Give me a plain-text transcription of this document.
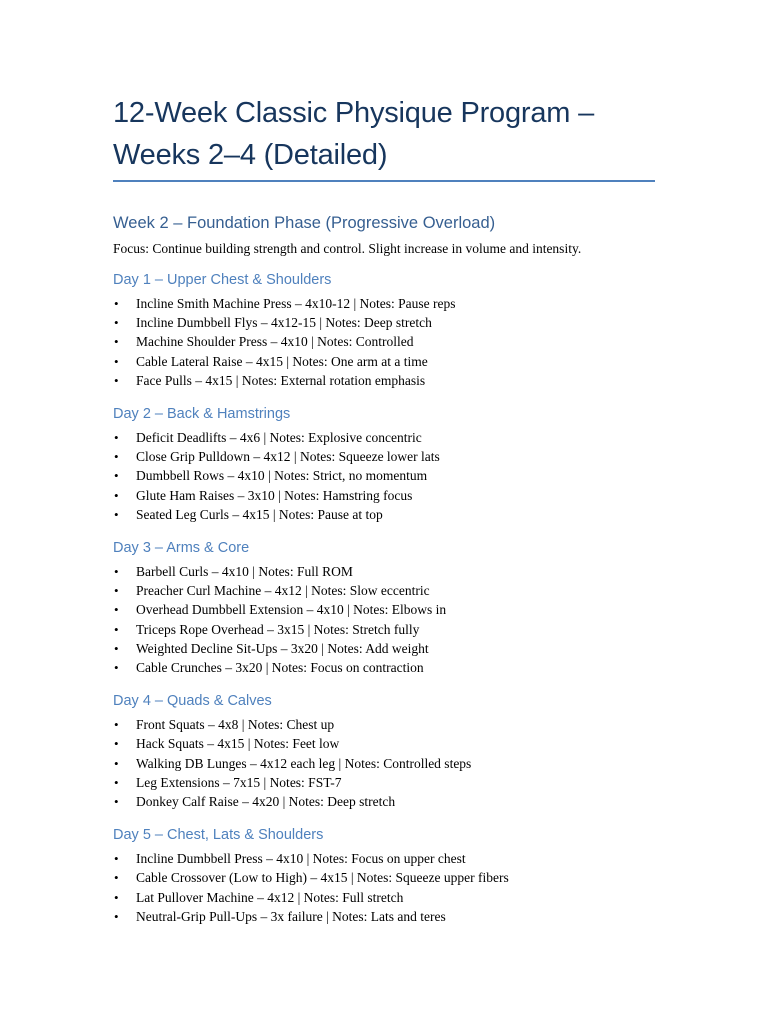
12-Week Classic Physique Program –
Weeks 2–4 (Detailed)
Week 2 – Foundation Phase (Progressive Overload)

Focus: Continue building strength and control. Slight increase in volume and intensity.

Day 1 – Upper Chest & Shoulders
• Incline Smith Machine Press – 4x10-12 | Notes: Pause reps
• Incline Dumbbell Flys – 4x12-15 | Notes: Deep stretch
• Machine Shoulder Press – 4x10 | Notes: Controlled
• Cable Lateral Raise – 4x15 | Notes: One arm at a time
• Face Pulls – 4x15 | Notes: External rotation emphasis
Day 2 – Back & Hamstrings
• Deficit Deadlifts – 4x6 | Notes: Explosive concentric
• Close Grip Pulldown – 4x12 | Notes: Squeeze lower lats
• Dumbbell Rows – 4x10 | Notes: Strict, no momentum
• Glute Ham Raises – 3x10 | Notes: Hamstring focus
• Seated Leg Curls – 4x15 | Notes: Pause at top
Day 3 – Arms & Core
• Barbell Curls – 4x10 | Notes: Full ROM
• Preacher Curl Machine – 4x12 | Notes: Slow eccentric
• Overhead Dumbbell Extension – 4x10 | Notes: Elbows in
• Triceps Rope Overhead – 3x15 | Notes: Stretch fully
• Weighted Decline Sit-Ups – 3x20 | Notes: Add weight
• Cable Crunches – 3x20 | Notes: Focus on contraction
Day 4 – Quads & Calves
• Front Squats – 4x8 | Notes: Chest up
• Hack Squats – 4x15 | Notes: Feet low
• Walking DB Lunges – 4x12 each leg | Notes: Controlled steps
• Leg Extensions – 7x15 | Notes: FST-7
• Donkey Calf Raise – 4x20 | Notes: Deep stretch
Day 5 – Chest, Lats & Shoulders
• Incline Dumbbell Press – 4x10 | Notes: Focus on upper chest
• Cable Crossover (Low to High) – 4x15 | Notes: Squeeze upper fibers
• Lat Pullover Machine – 4x12 | Notes: Full stretch
• Neutral-Grip Pull-Ups – 3x failure | Notes: Lats and teres
